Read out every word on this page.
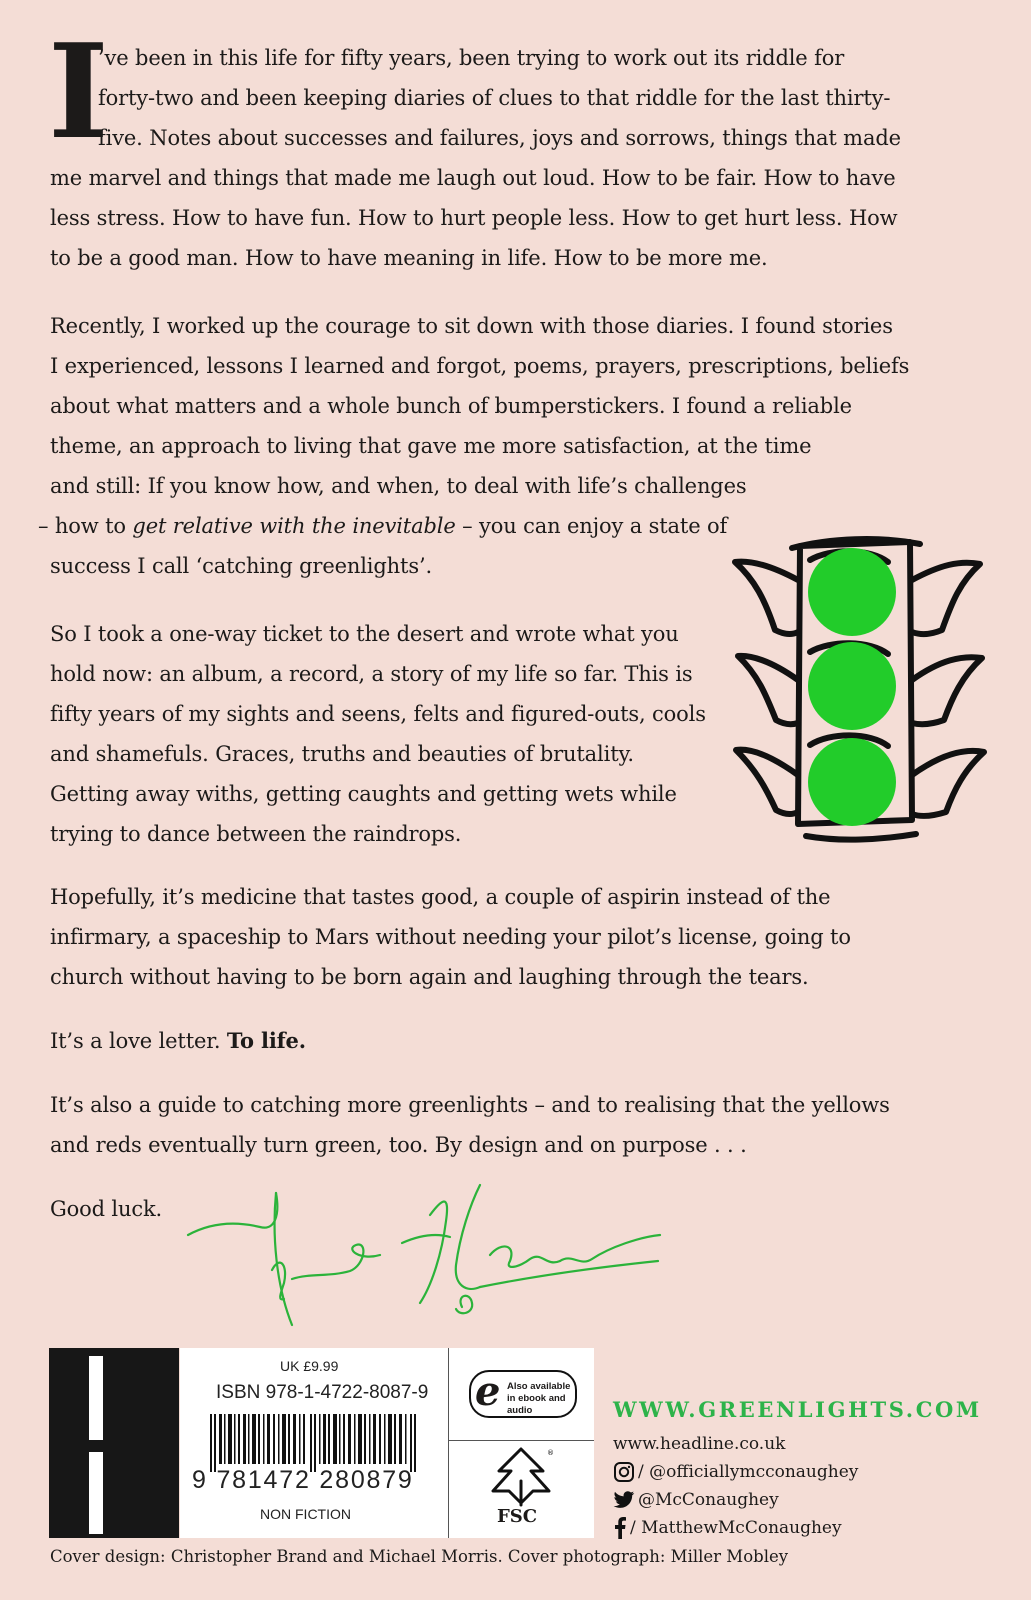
I
’ve been in this life for fifty years, been trying to work out its riddle for
forty-two and been keeping diaries of clues to that riddle for the last thirty-
five. Notes about successes and failures, joys and sorrows, things that made
me marvel and things that made me laugh out loud. How to be fair. How to have
less stress. How to have fun. How to hurt people less. How to get hurt less. How
to be a good man. How to have meaning in life. How to be more me.
Recently, I worked up the courage to sit down with those diaries. I found stories
I experienced, lessons I learned and forgot, poems, prayers, prescriptions, beliefs
about what matters and a whole bunch of bumperstickers. I found a reliable
theme, an approach to living that gave me more satisfaction, at the time
and still: If you know how, and when, to deal with life’s challenges
– how to get relative with the inevitable – you can enjoy a state of
success I call ‘catching greenlights’.
So I took a one-way ticket to the desert and wrote what you
hold now: an album, a record, a story of my life so far. This is
fifty years of my sights and seens, felts and figured-outs, cools
and shamefuls. Graces, truths and beauties of brutality.
Getting away withs, getting caughts and getting wets while
trying to dance between the raindrops.
Hopefully, it’s medicine that tastes good, a couple of aspirin instead of the
infirmary, a spaceship to Mars without needing your pilot’s license, going to
church without having to be born again and laughing through the tears.
It’s a love letter. To life.
It’s also a guide to catching more greenlights – and to realising that the yellows
and reds eventually turn green, too. By design and on purpose . . .
Good luck.
UK £9.99
ISBN 978-1-4722-8087-9
9 781472 280879
NON FICTION
e Also available in ebook and audio
®
FSC
WWW.GREENLIGHTS.COM
www.headline.co.uk
/ @officiallymcconaughey
@McConaughey
/ MatthewMcConaughey
Cover design: Christopher Brand and Michael Morris. Cover photograph: Miller Mobley
